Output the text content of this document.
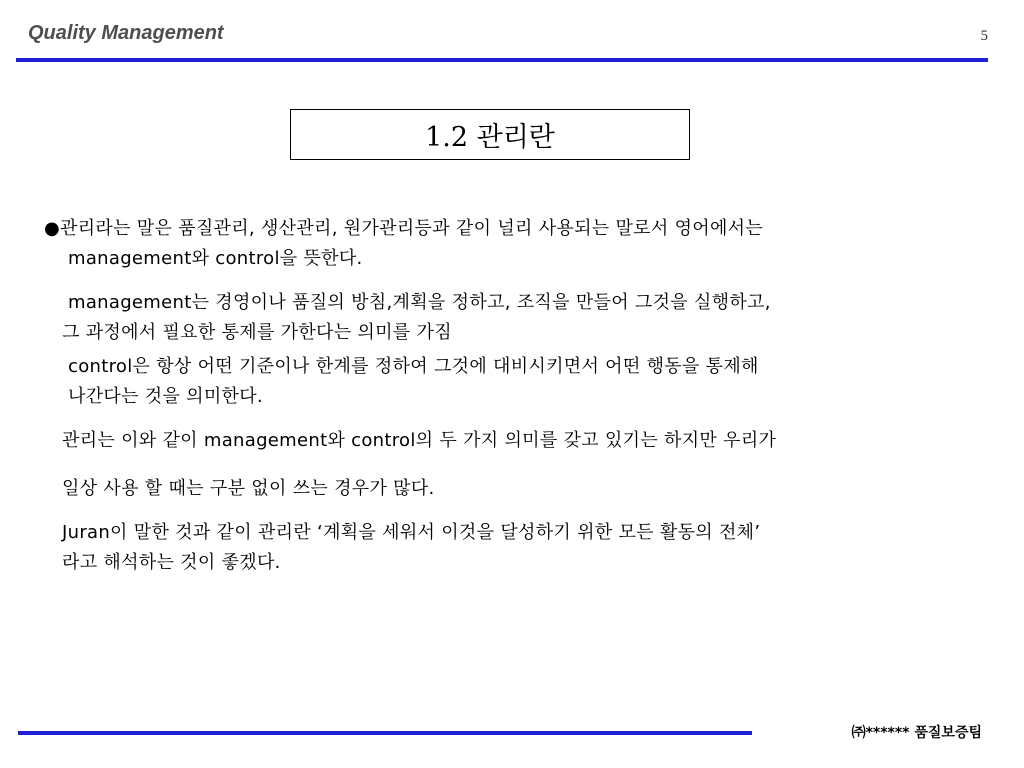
Quality Management	5
1.2 관리란

●관리라는 말은 품질관리, 생산관리, 원가관리등과 같이 널리 사용되는 말로서 영어에서는
management와 control을 뜻한다.

management는 경영이나 품질의 방침,계획을 정하고, 조직을 만들어 그것을 실행하고,
그 과정에서 필요한 통제를 가한다는 의미를 가짐
control은 항상 어떤 기준이나 한계를 정하여 그것에 대비시키면서 어떤 행동을 통제해
나간다는 것을 의미한다.

관리는 이와 같이 management와 control의 두 가지 의미를 갖고 있기는 하지만 우리가
일상 사용 할 때는 구분 없이 쓰는 경우가 많다.

Juran이 말한 것과 같이 관리란 ‘계획을 세워서 이것을 달성하기 위한 모든 활동의 전체’
라고 해석하는 것이 좋겠다.

㈜****** 품질보증팀
